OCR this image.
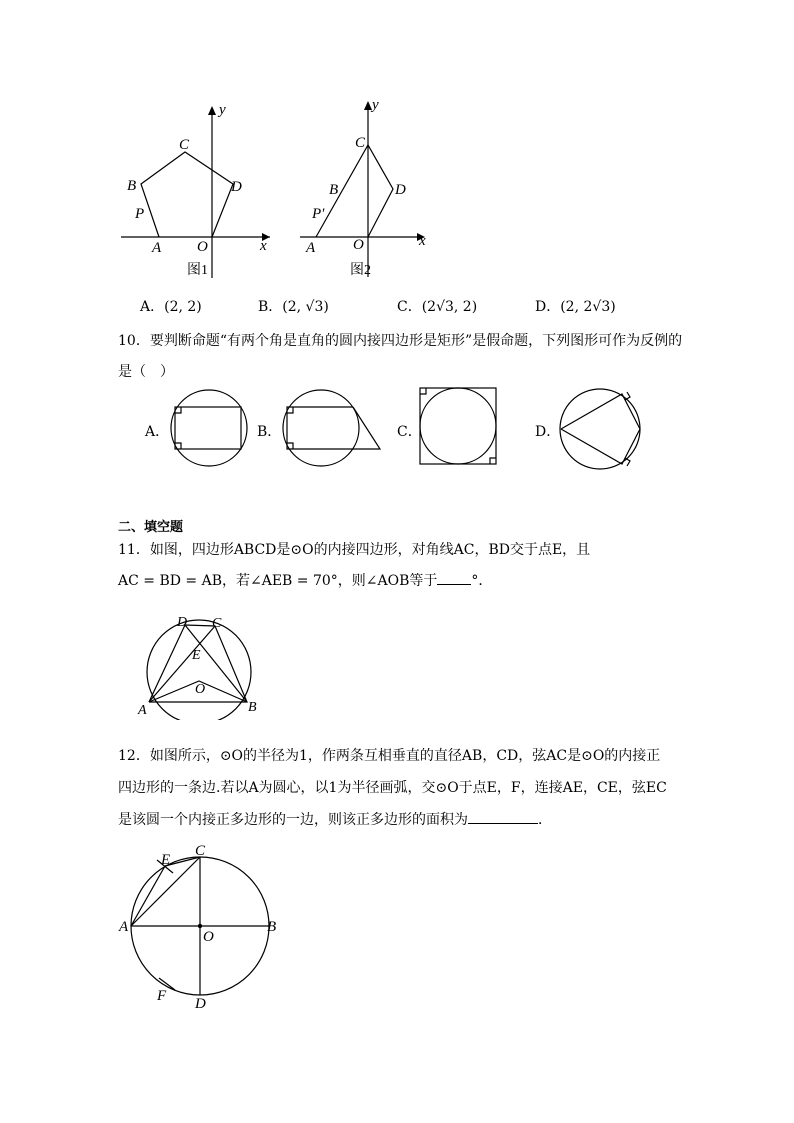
y
x
C
B	D
P
A O
图1
y
x
C
B	D
P′
A	O
图2
A．(2, 2)	B．(2, √3)	C．(2√3, 2)	D．(2, 2√3)
10．要判断命题“有两个角是直角的圆内接四边形是矩形”是假命题，下列图形可作为反例的
是（　）
A．	B．	C．	D．
二、填空题
11．如图，四边形ABCD是⊙O的内接四边形，对角线AC，BD交于点E，且
AC = BD = AB，若∠AEB = 70°，则∠AOB等于 °．
D C
E
O
A	B
12．如图所示，⊙O的半径为1，作两条互相垂直的直径AB，CD，弦AC是⊙O的内接正
四边形的一条边.若以A为圆心，以1为半径画弧，交⊙O于点E，F，连接AE，CE，弦EC
是该圆一个内接正多边形的一边，则该正多边形的面积为	．
E
C
A
O
B
F D
